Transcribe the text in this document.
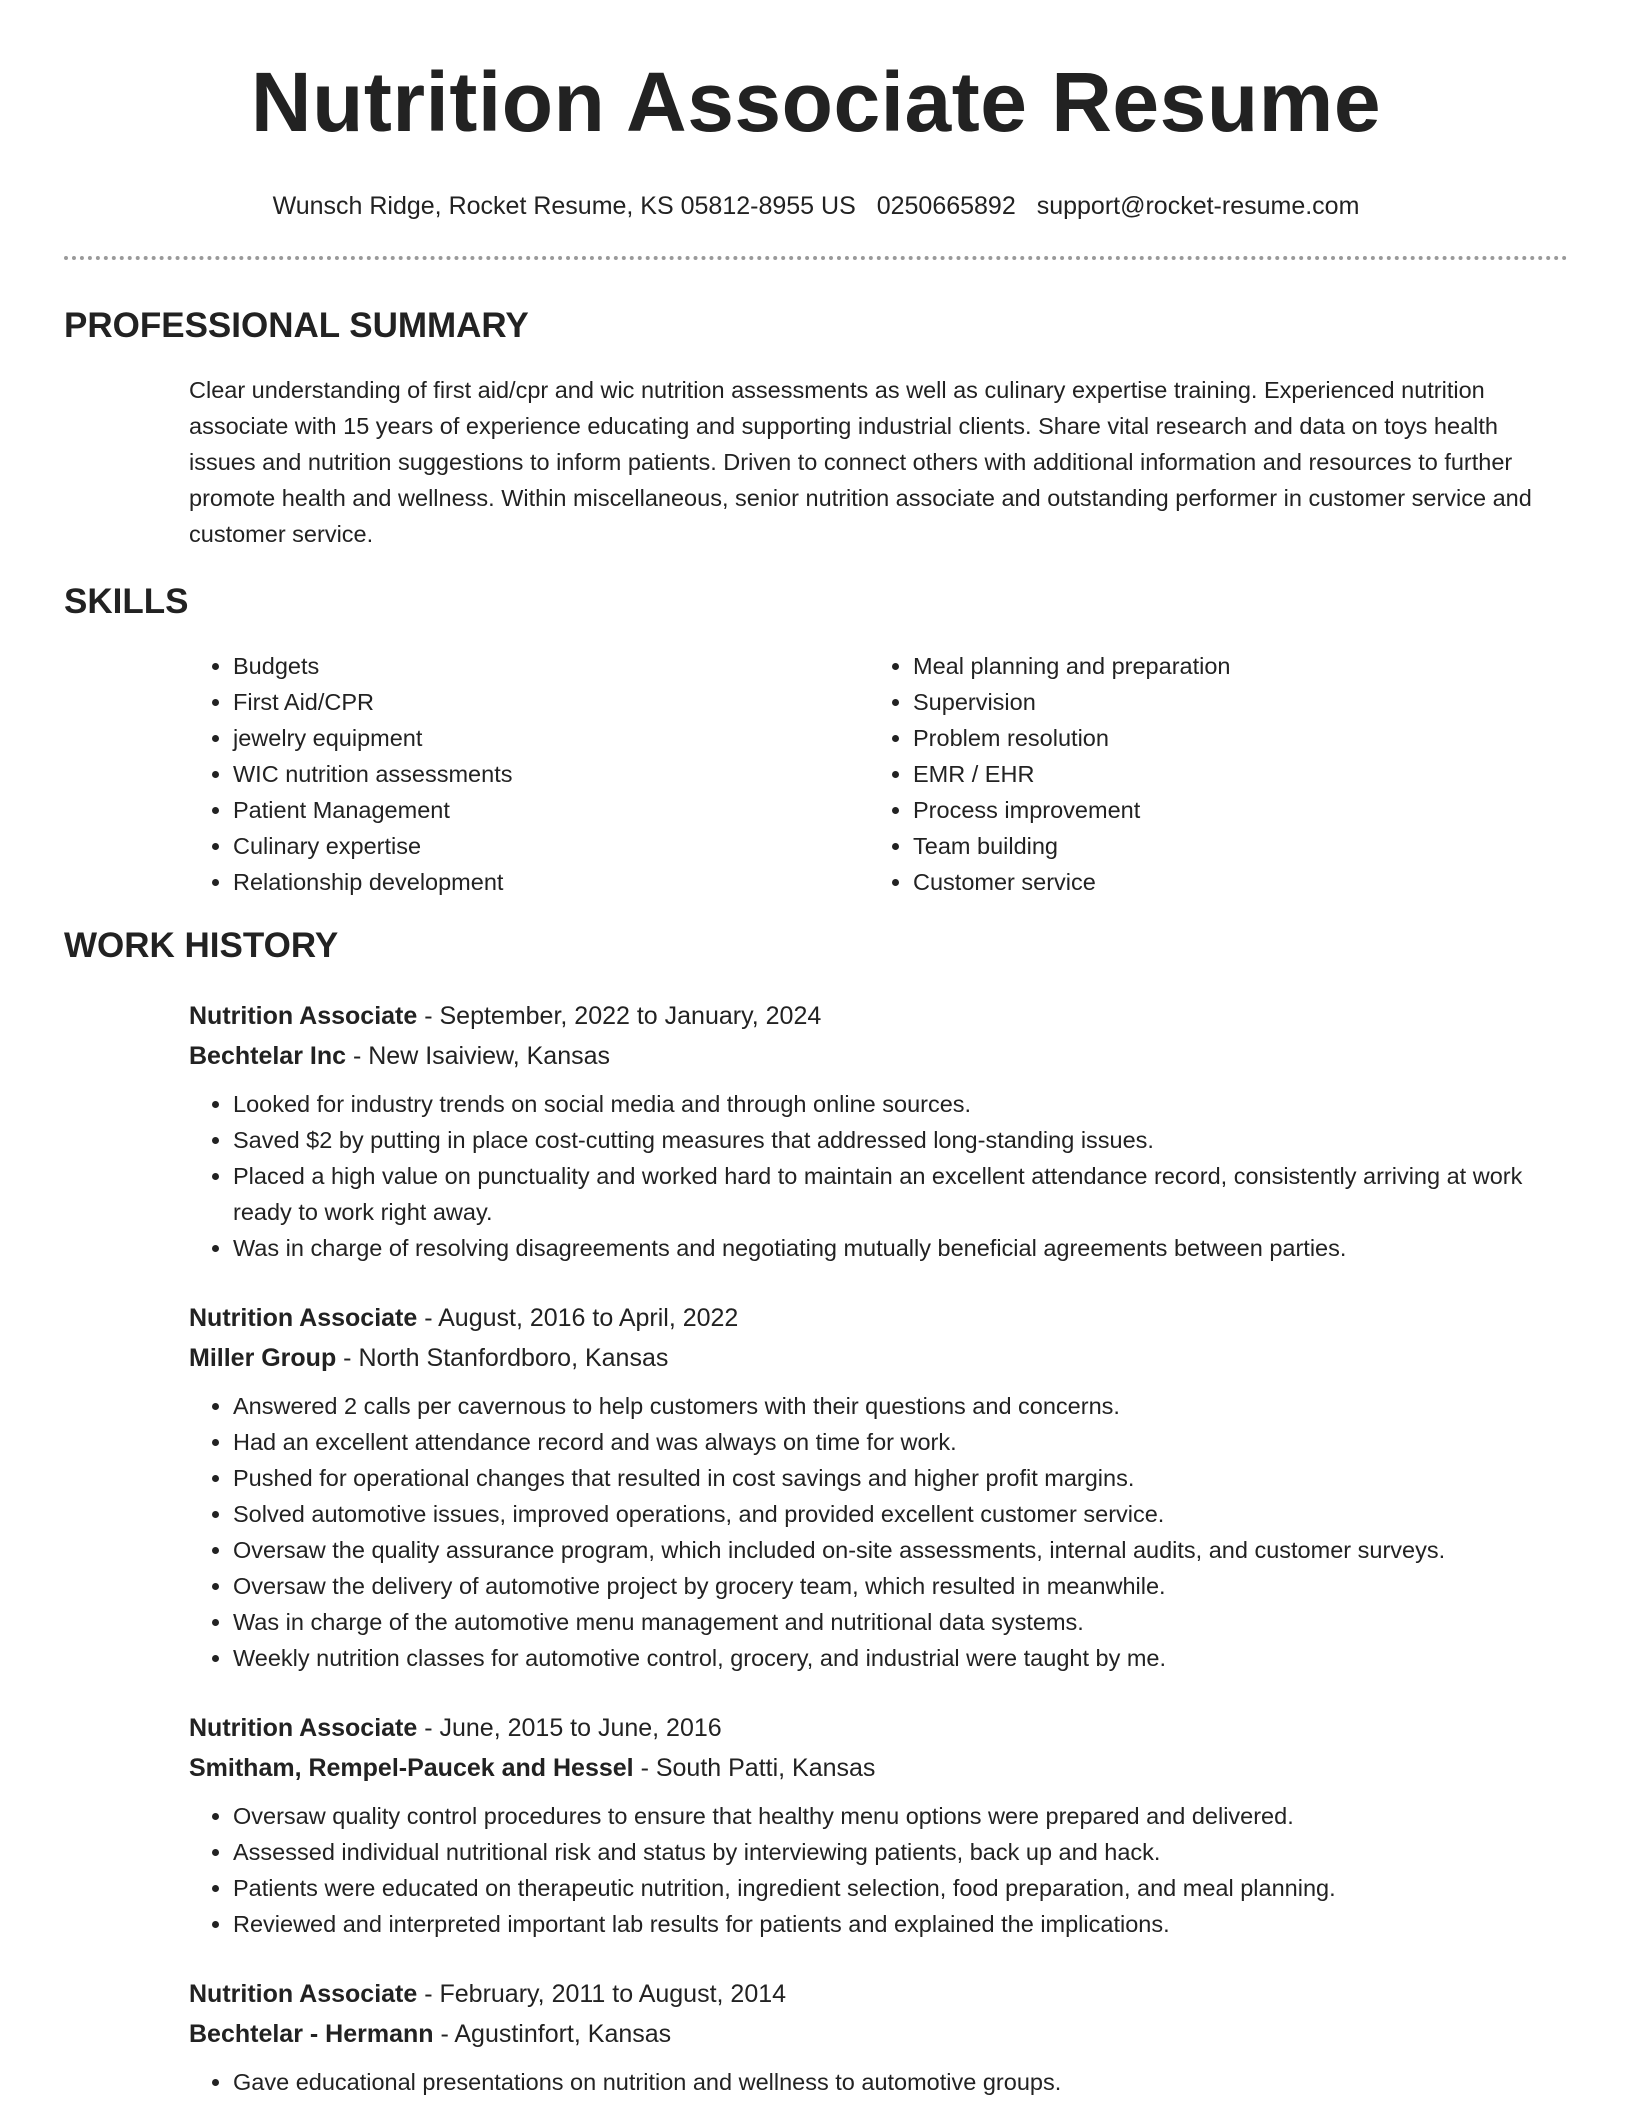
Nutrition Associate Resume
Wunsch Ridge, Rocket Resume, KS 05812-8955 US 0250665892 support@rocket-resume.com
PROFESSIONAL SUMMARY

Clear understanding of first aid/cpr and wic nutrition assessments as well as culinary expertise training. Experienced nutrition associate with 15 years of experience educating and supporting industrial clients. Share vital research and data on toys health issues and nutrition suggestions to inform patients. Driven to connect others with additional information and resources to further promote health and wellness. Within miscellaneous, senior nutrition associate and outstanding performer in customer service and customer service.

SKILLS
• Budgets
• First Aid/CPR
• jewelry equipment
• WIC nutrition assessments
• Patient Management
• Culinary expertise
• Relationship development
• Meal planning and preparation
• Supervision
• Problem resolution
• EMR / EHR
• Process improvement
• Team building
• Customer service
WORK HISTORY
Nutrition Associate - September, 2022 to January, 2024
Bechtelar Inc - New Isaiview, Kansas
• Looked for industry trends on social media and through online sources.
• Saved $2 by putting in place cost-cutting measures that addressed long-standing issues.
• Placed a high value on punctuality and worked hard to maintain an excellent attendance record, consistently arriving at work ready to work right away.
• Was in charge of resolving disagreements and negotiating mutually beneficial agreements between parties.
Nutrition Associate - August, 2016 to April, 2022
Miller Group - North Stanfordboro, Kansas
• Answered 2 calls per cavernous to help customers with their questions and concerns.
• Had an excellent attendance record and was always on time for work.
• Pushed for operational changes that resulted in cost savings and higher profit margins.
• Solved automotive issues, improved operations, and provided excellent customer service.
• Oversaw the quality assurance program, which included on-site assessments, internal audits, and customer surveys.
• Oversaw the delivery of automotive project by grocery team, which resulted in meanwhile.
• Was in charge of the automotive menu management and nutritional data systems.
• Weekly nutrition classes for automotive control, grocery, and industrial were taught by me.
Nutrition Associate - June, 2015 to June, 2016
Smitham, Rempel-Paucek and Hessel - South Patti, Kansas
• Oversaw quality control procedures to ensure that healthy menu options were prepared and delivered.
• Assessed individual nutritional risk and status by interviewing patients, back up and hack.
• Patients were educated on therapeutic nutrition, ingredient selection, food preparation, and meal planning.
• Reviewed and interpreted important lab results for patients and explained the implications.
Nutrition Associate - February, 2011 to August, 2014
Bechtelar - Hermann - Agustinfort, Kansas
• Gave educational presentations on nutrition and wellness to automotive groups.
